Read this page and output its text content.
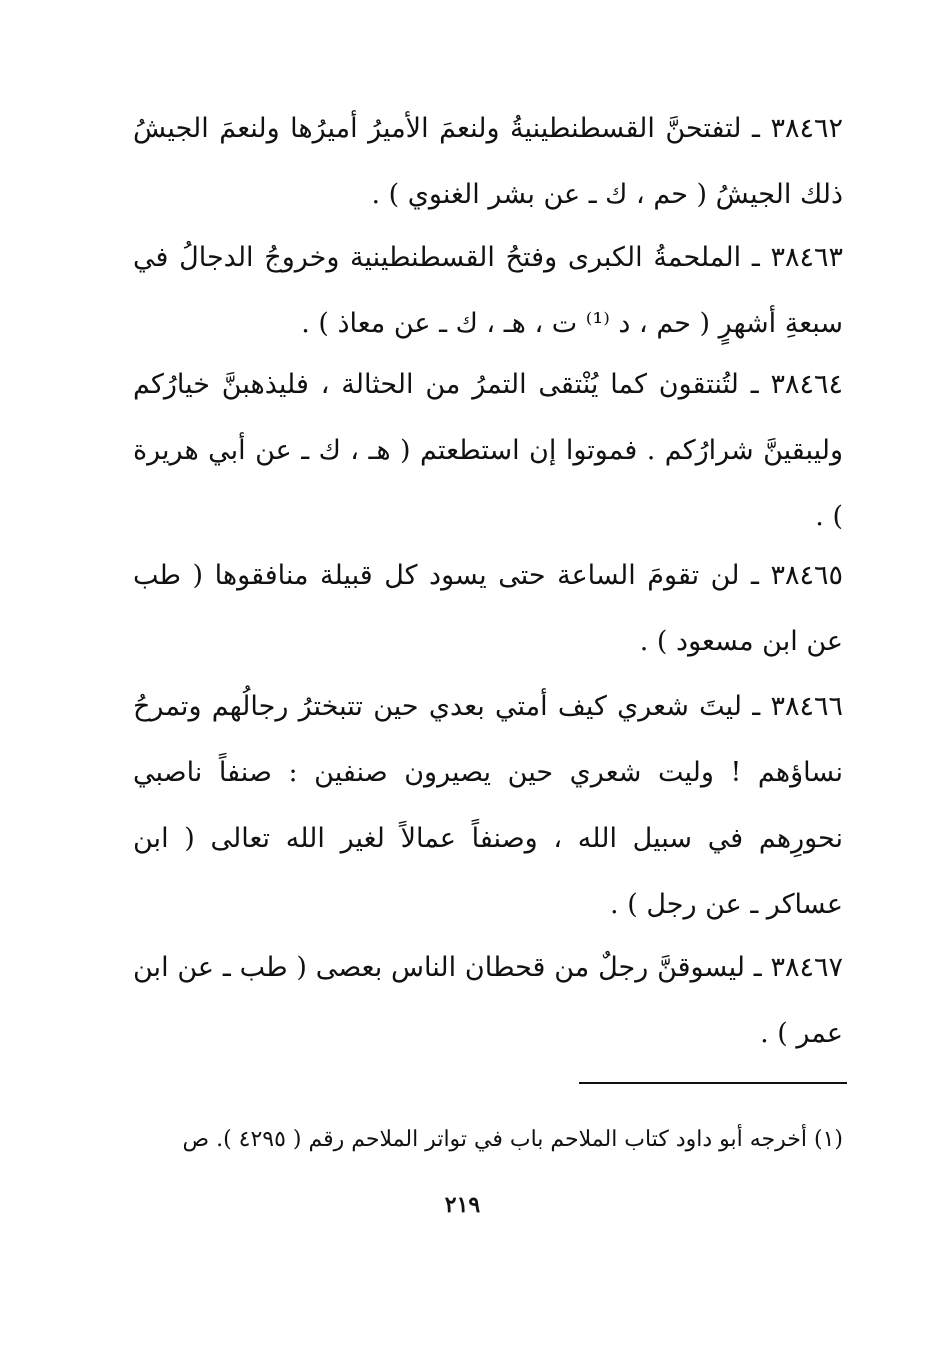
٣٨٤٦٢ ـ لتفتحنَّ القسطنطينيةُ ولنعمَ الأميرُ أميرُها ولنعمَ الجيشُ ذلك الجيشُ ( حم ، ك ـ عن بشر الغنوي ) .

٣٨٤٦٣ ـ الملحمةُ الكبرى وفتحُ القسطنطينية وخروجُ الدجالُ في سبعةِ أشهرٍ ( حم ، د ⁽¹⁾ ت ، هـ ، ك ـ عن معاذ ) .

٣٨٤٦٤ ـ لتُنتقون كما يُنْتقى التمرُ من الحثالة ، فليذهبنَّ خيارُكم وليبقينَّ شرارُكم . فموتوا إن استطعتم ( هـ ، ك ـ عن أبي هريرة ) .

٣٨٤٦٥ ـ لن تقومَ الساعة حتى يسود كل قبيلة منافقوها ( طب عن ابن مسعود ) .

٣٨٤٦٦ ـ ليتَ شعري كيف أمتي بعدي حين تتبخترُ رجالُهم وتمرحُ نساؤهم ! وليت شعري حين يصيرون صنفين : صنفاً ناصبي نحورِهم في سبيل الله ، وصنفاً عمالاً لغير الله تعالى ( ابن عساكر ـ عن رجل ) .

٣٨٤٦٧ ـ ليسوقنَّ رجلٌ من قحطان الناس بعصى ( طب ـ عن ابن عمر ) .

(١) أخرجه أبو داود كتاب الملاحم باب في تواتر الملاحم رقم ( ٤٢٩٥ ). ص
٢١٩
